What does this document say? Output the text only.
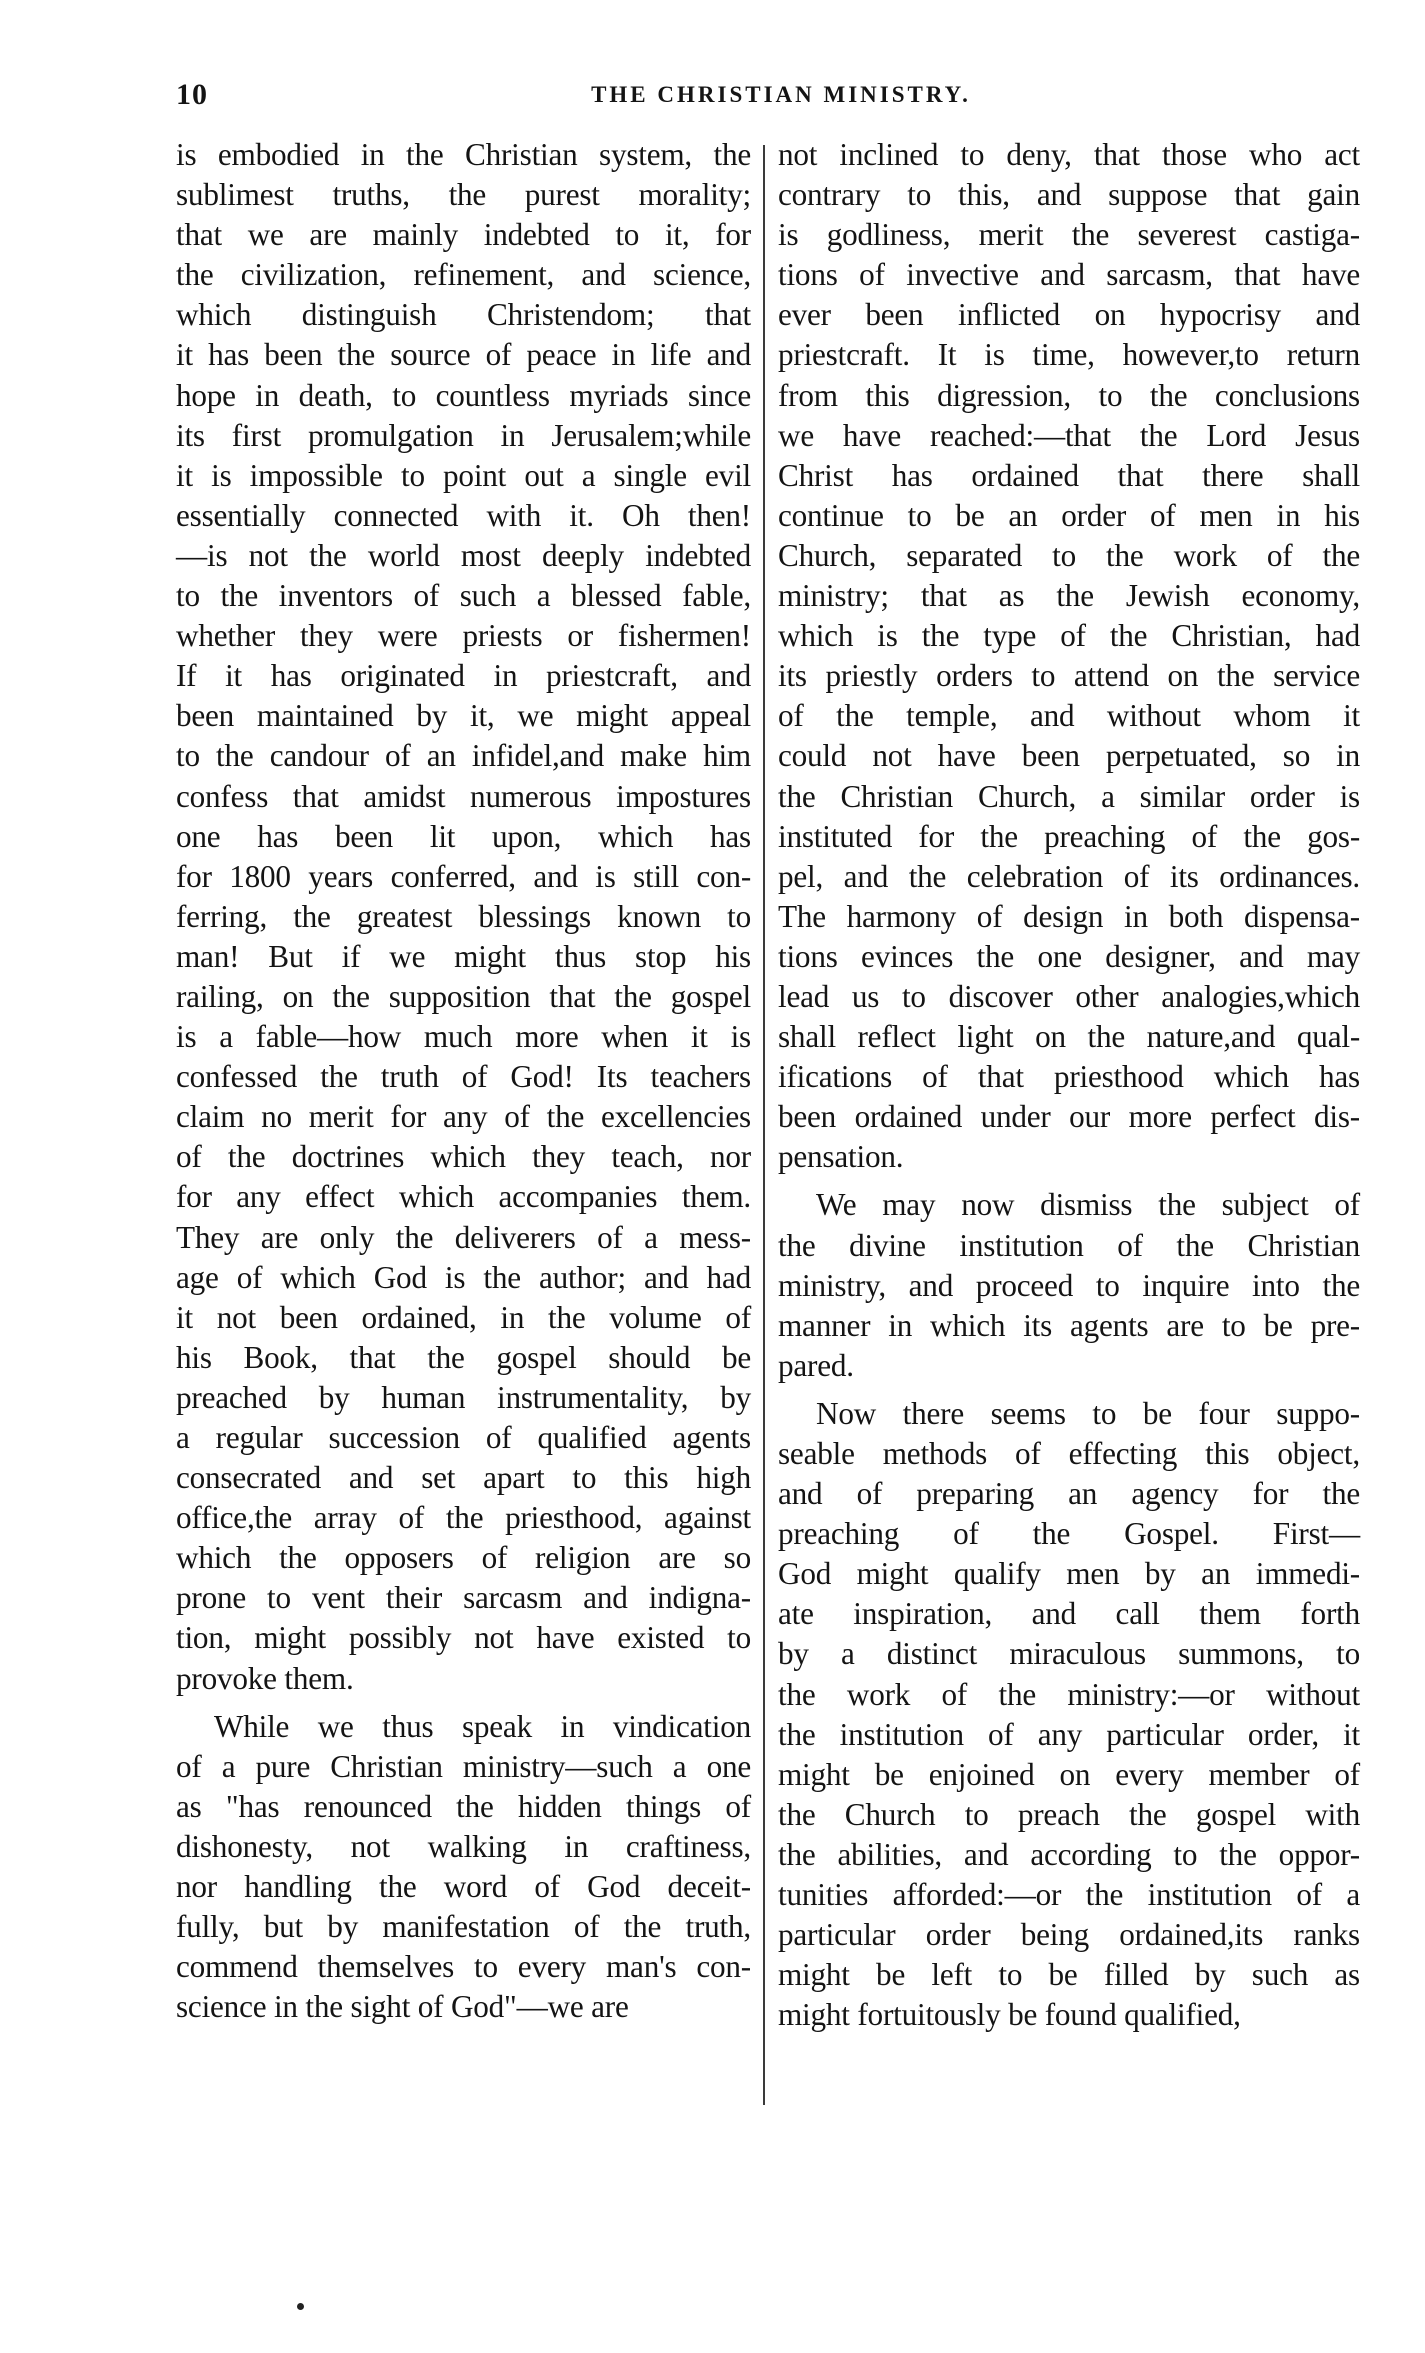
10	THE CHRISTIAN MINISTRY.
is embodied in the Christian system, the
sublimest truths, the purest morality;
that we are mainly indebted to it, for
the civilization, refinement, and science,
which distinguish Christendom; that
it has been the source of peace in life and
hope in death, to countless myriads since
its first promulgation in Jerusalem;while
it is impossible to point out a single evil
essentially connected with it. Oh then!
—is not the world most deeply indebted
to the inventors of such a blessed fable,
whether they were priests or fishermen!
If it has originated in priestcraft, and
been maintained by it, we might appeal
to the candour of an infidel,and make him
confess that amidst numerous impostures
one has been lit upon, which has
for 1800 years conferred, and is still con-
ferring, the greatest blessings known to
man! But if we might thus stop his
railing, on the supposition that the gospel
is a fable—how much more when it is
confessed the truth of God! Its teachers
claim no merit for any of the excellencies
of the doctrines which they teach, nor
for any effect which accompanies them.
They are only the deliverers of a mess-
age of which God is the author; and had
it not been ordained, in the volume of
his Book, that the gospel should be
preached by human instrumentality, by
a regular succession of qualified agents
consecrated and set apart to this high
office,the array of the priesthood, against
which the opposers of religion are so
prone to vent their sarcasm and indigna-
tion, might possibly not have existed to
provoke them.
While we thus speak in vindication
of a pure Christian ministry—such a one
as "has renounced the hidden things of
dishonesty, not walking in craftiness,
nor handling the word of God deceit-
fully, but by manifestation of the truth,
commend themselves to every man's con-
science in the sight of God"—we are
not inclined to deny, that those who act
contrary to this, and suppose that gain
is godliness, merit the severest castiga-
tions of invective and sarcasm, that have
ever been inflicted on hypocrisy and
priestcraft. It is time, however,to return
from this digression, to the conclusions
we have reached:—that the Lord Jesus
Christ has ordained that there shall
continue to be an order of men in his
Church, separated to the work of the
ministry; that as the Jewish economy,
which is the type of the Christian, had
its priestly orders to attend on the service
of the temple, and without whom it
could not have been perpetuated, so in
the Christian Church, a similar order is
instituted for the preaching of the gos-
pel, and the celebration of its ordinances.
The harmony of design in both dispensa-
tions evinces the one designer, and may
lead us to discover other analogies,which
shall reflect light on the nature,and qual-
ifications of that priesthood which has
been ordained under our more perfect dis-
pensation.
We may now dismiss the subject of
the divine institution of the Christian
ministry, and proceed to inquire into the
manner in which its agents are to be pre-
pared.
Now there seems to be four suppo-
seable methods of effecting this object,
and of preparing an agency for the
preaching of the Gospel. First—
God might qualify men by an immedi-
ate inspiration, and call them forth
by a distinct miraculous summons, to
the work of the ministry:—or without
the institution of any particular order, it
might be enjoined on every member of
the Church to preach the gospel with
the abilities, and according to the oppor-
tunities afforded:—or the institution of a
particular order being ordained,its ranks
might be left to be filled by such as
might fortuitously be found qualified,
